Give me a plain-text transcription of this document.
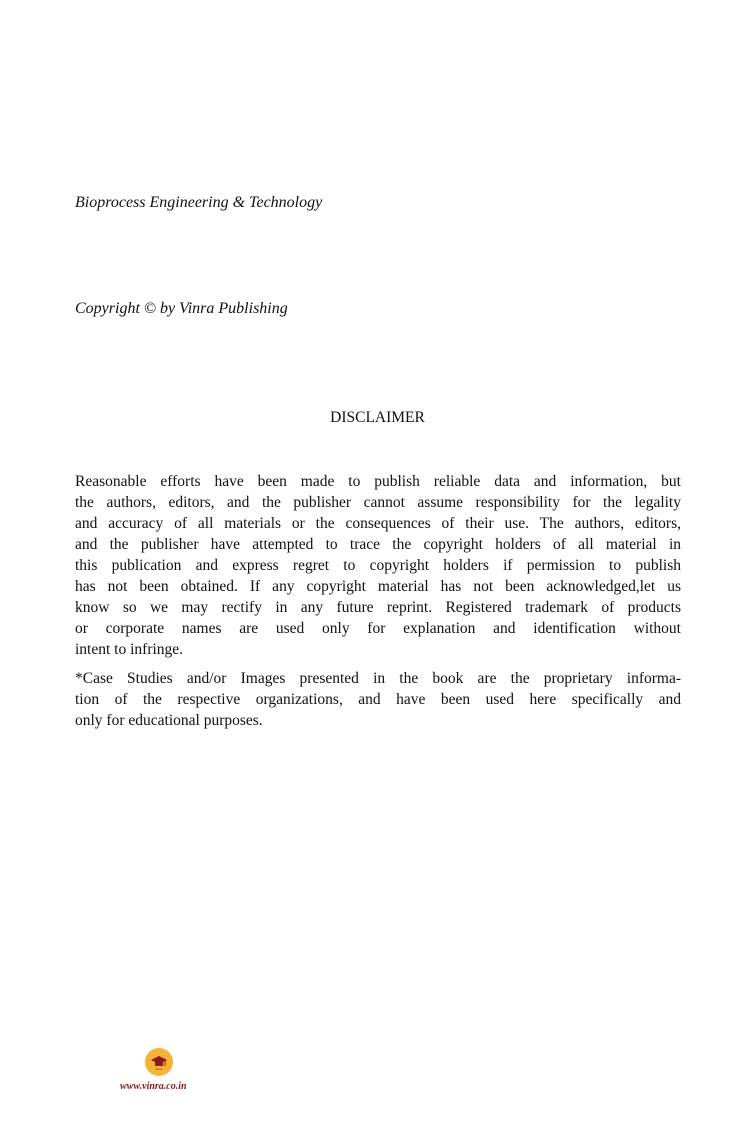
Bioprocess Engineering & Technology
Copyright © by Vinra Publishing
DISCLAIMER
Reasonable efforts have been made to publish reliable data and information, but
the authors, editors, and the publisher cannot assume responsibility for the legality
and accuracy of all materials or the consequences of their use. The authors, editors,
and the publisher have attempted to trace the copyright holders of all material in
this publication and express regret to copyright holders if permission to publish
has not been obtained. If any copyright material has not been acknowledged,let us
know so we may rectify in any future reprint. Registered trademark of products
or corporate names are used only for explanation and identification without
intent to infringe.
*Case Studies and/or Images presented in the book are the proprietary informa-
tion of the respective organizations, and have been used here specifically and
only for educational purposes.
Vinra
www.vinra.co.in
